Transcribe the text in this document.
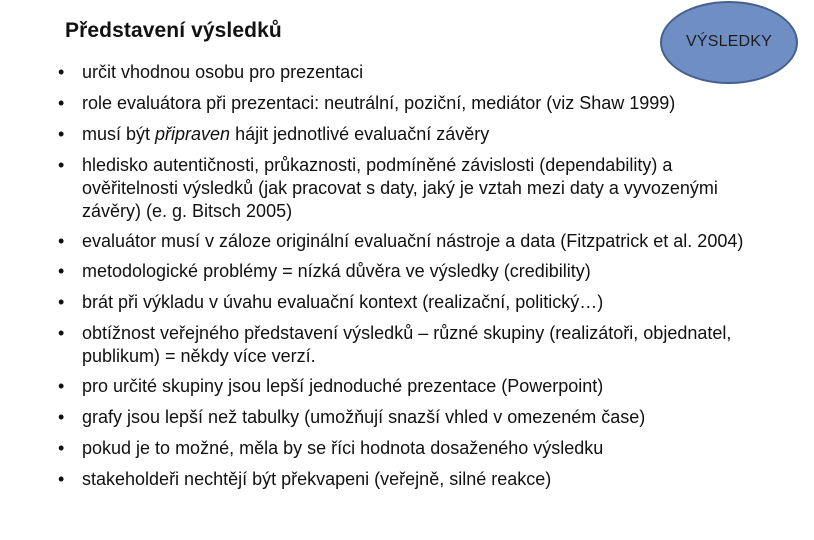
Představení výsledků	VÝSLEDKY
• určit vhodnou osobu pro prezentaci
• role evaluátora při prezentaci: neutrální, poziční, mediátor (viz Shaw 1999)
• musí být připraven hájit jednotlivé evaluační závěry
• hledisko autentičnosti, průkaznosti, podmíněné závislosti (dependability) a ověřitelnosti výsledků (jak pracovat s daty, jaký je vztah mezi daty a vyvozenými závěry) (e. g. Bitsch 2005)
• evaluátor musí v záloze originální evaluační nástroje a data (Fitzpatrick et al. 2004)
• metodologické problémy = nízká důvěra ve výsledky (credibility)
• brát při výkladu v úvahu evaluační kontext (realizační, politický…)
• obtížnost veřejného představení výsledků – různé skupiny (realizátoři, objednatel, publikum) = někdy více verzí.
• pro určité skupiny jsou lepší jednoduché prezentace (Powerpoint)
• grafy jsou lepší než tabulky (umožňují snazší vhled v omezeném čase)
• pokud je to možné, měla by se říci hodnota dosaženého výsledku
• stakeholdeři nechtějí být překvapeni (veřejně, silné reakce)
